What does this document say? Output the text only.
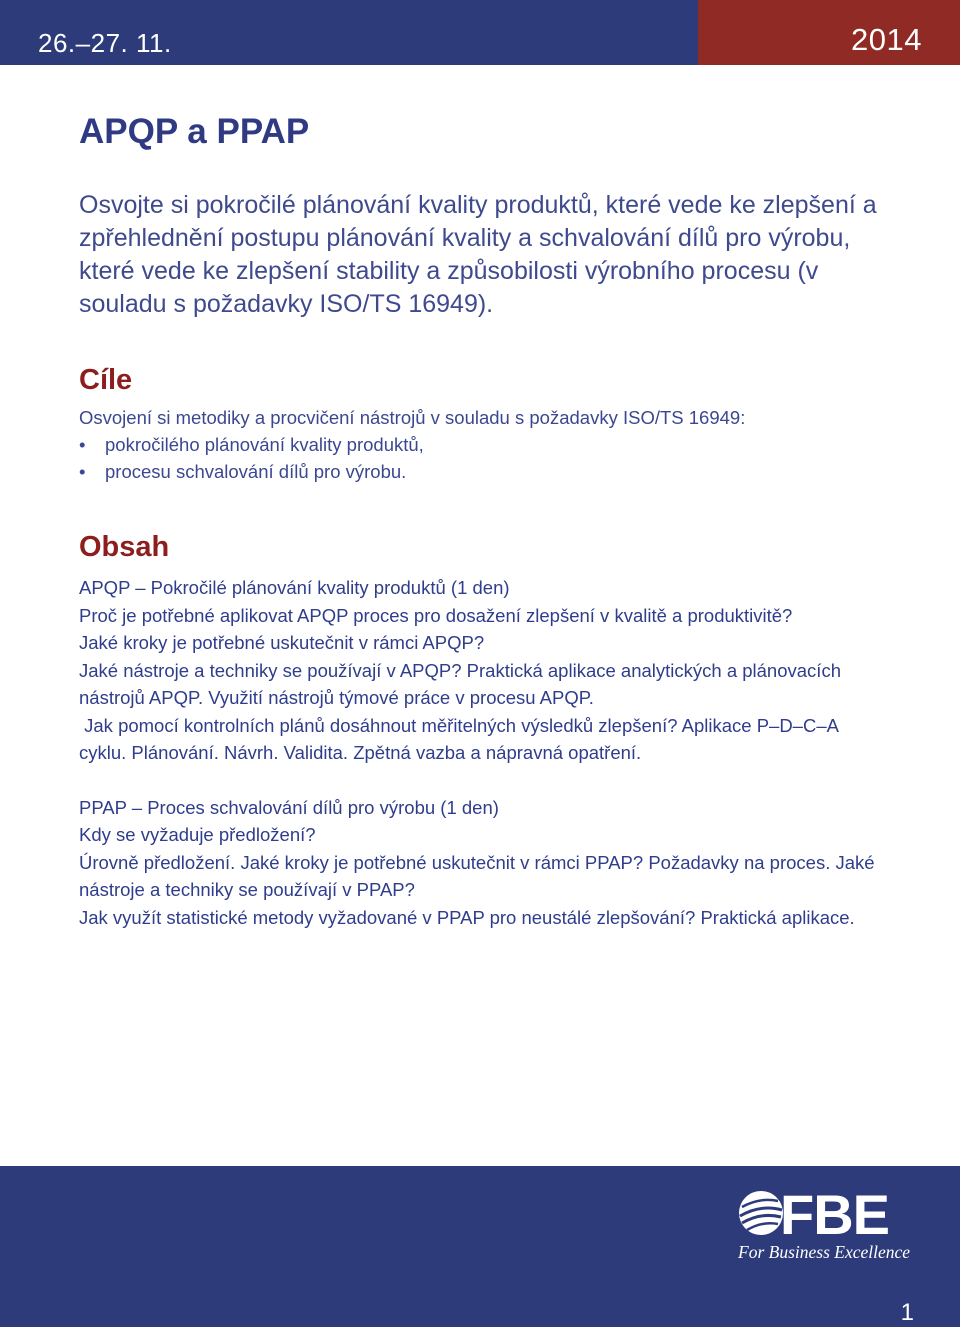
26.–27. 11.	2014
APQP a PPAP

Osvojte si pokročilé plánování kvality produktů, které vede ke zlepšení a zpřehlednění postupu plánování kvality a schvalování dílů pro výrobu, které vede ke zlepšení stability a způsobilosti výrobního procesu (v souladu s požadavky ISO/TS 16949).

Cíle
Osvojení si metodiky a procvičení nástrojů v souladu s požadavky ISO/TS 16949:
• pokročilého plánování kvality produktů,
• procesu schvalování dílů pro výrobu.
Obsah

APQP – Pokročilé plánování kvality produktů (1 den)

Proč je potřebné aplikovat APQP proces pro dosažení zlepšení v kvalitě a produktivitě?

Jaké kroky je potřebné uskutečnit v rámci APQP?

Jaké nástroje a techniky se používají v APQP? Praktická aplikace analytických a plánovacích

nástrojů APQP. Využití nástrojů týmové práce v procesu APQP.

Jak pomocí kontrolních plánů dosáhnout měřitelných výsledků zlepšení? Aplikace P–D–C–A

cyklu. Plánování. Návrh. Validita. Zpětná vazba a nápravná opatření.

PPAP – Proces schvalování dílů pro výrobu (1 den)

Kdy se vyžaduje předložení?

Úrovně předložení. Jaké kroky je potřebné uskutečnit v rámci PPAP? Požadavky na proces. Jaké

nástroje a techniky se používají v PPAP?

Jak využít statistické metody vyžadované v PPAP pro neustálé zlepšování? Praktická aplikace.

FBE
For Business Excellence
1
